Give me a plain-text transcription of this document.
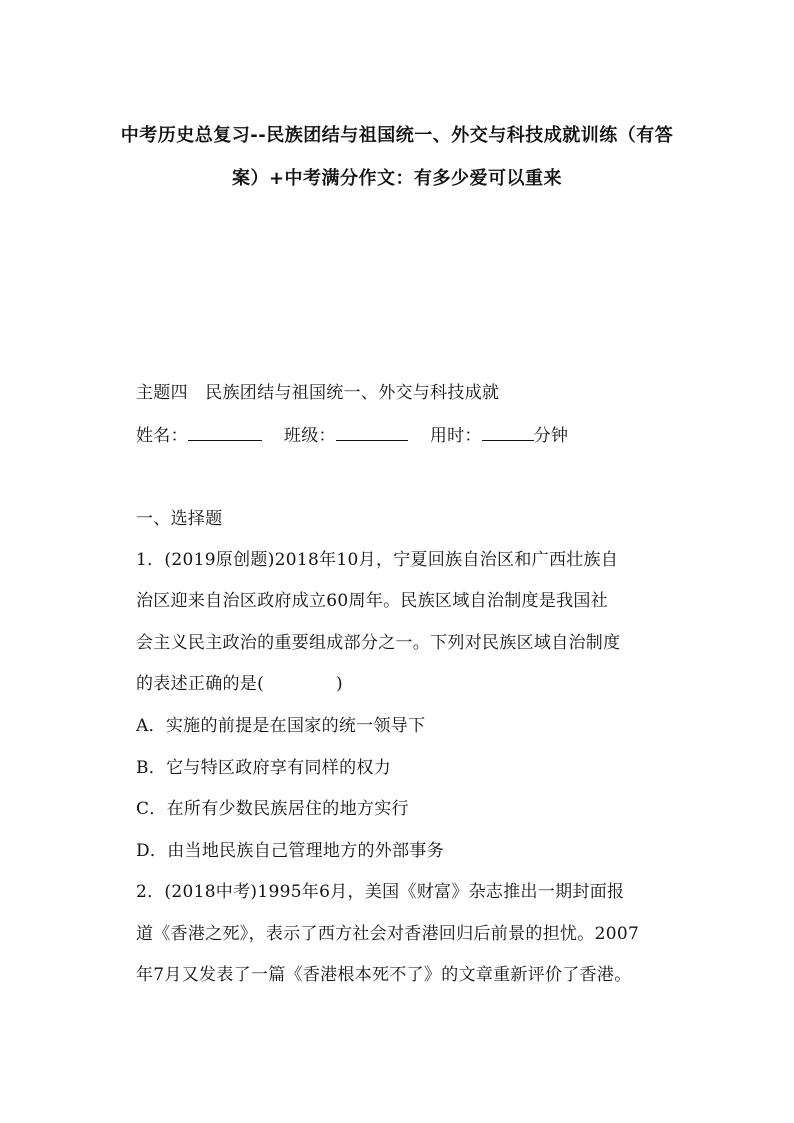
中考历史总复习--民族团结与祖国统一、外交与科技成就训练（有答
案）+中考满分作文：有多少爱可以重来
主题四　民族团结与祖国统一、外交与科技成就
姓名：	班级：	用时：	分钟
一、选择题
1．(2019原创题)2018年10月，宁夏回族自治区和广西壮族自
治区迎来自治区政府成立60周年。民族区域自治制度是我国社
会主义民主政治的重要组成部分之一。下列对民族区域自治制度
的表述正确的是(	)
A．实施的前提是在国家的统一领导下
B．它与特区政府享有同样的权力
C．在所有少数民族居住的地方实行
D．由当地民族自己管理地方的外部事务
2．(2018中考)1995年6月，美国《财富》杂志推出一期封面报
道《香港之死》，表示了西方社会对香港回归后前景的担忧。2007
年7月又发表了一篇《香港根本死不了》的文章重新评价了香港。
